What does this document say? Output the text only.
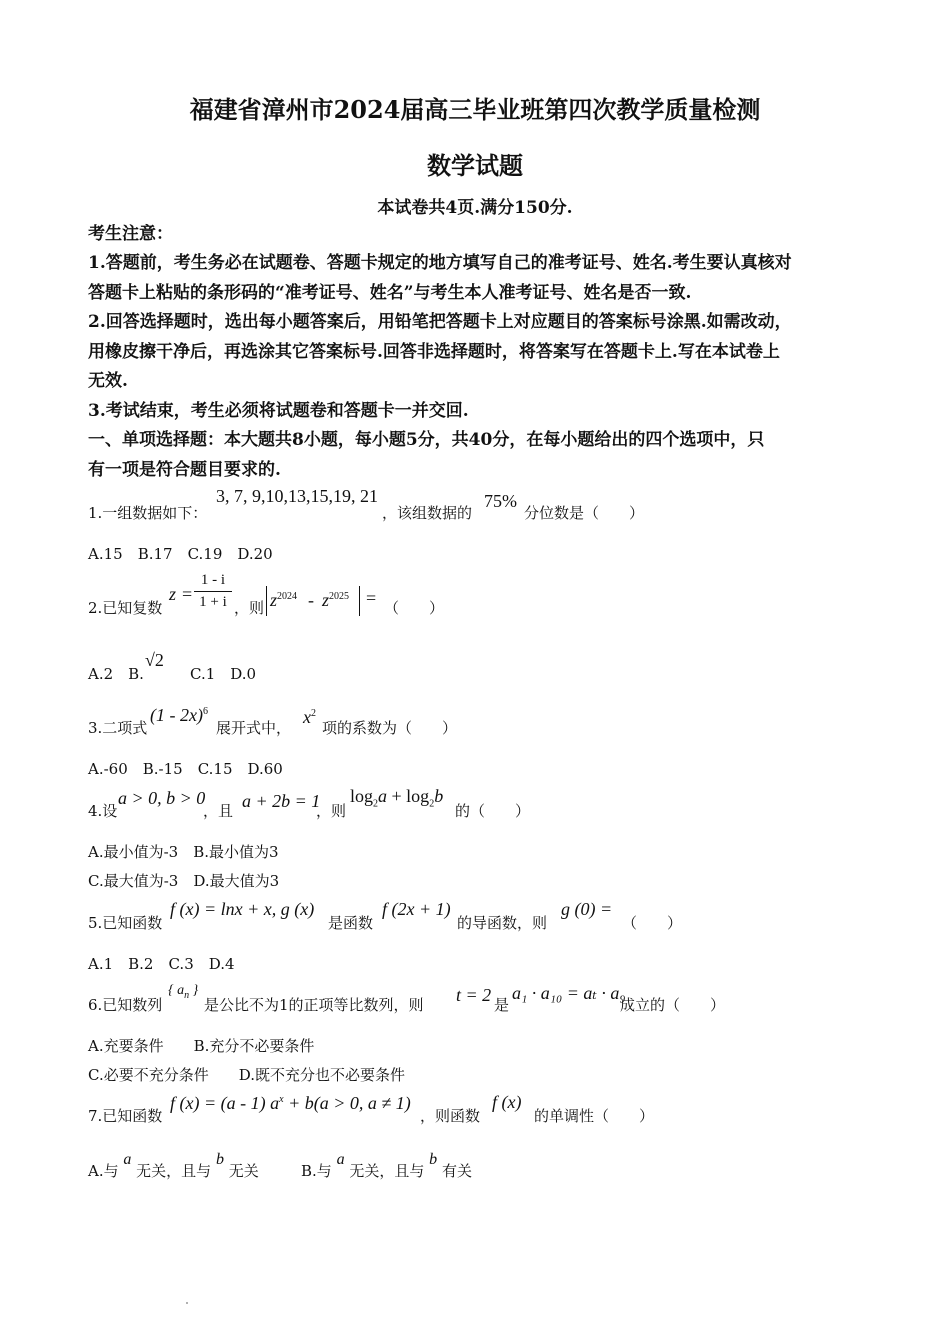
福建省漳州市2024届高三毕业班第四次教学质量检测
数学试题
本试卷共4页.满分150分.
考生注意：
1.答题前，考生务必在试题卷、答题卡规定的地方填写自己的准考证号、姓名.考生要认真核对
答题卡上粘贴的条形码的“准考证号、姓名”与考生本人准考证号、姓名是否一致.
2.回答选择题时，选出每小题答案后，用铅笔把答题卡上对应题目的答案标号涂黑.如需改动，
用橡皮擦干净后，再选涂其它答案标号.回答非选择题时，将答案写在答题卡上.写在本试卷上
无效.
3.考试结束，考生必须将试题卷和答题卡一并交回.
一、单项选择题：本大题共8小题，每小题5分，共40分，在每小题给出的四个选项中，只
有一项是符合题目要求的.
1.一组数据如下：
3, 7, 9,10,13,15,19, 21
，该组数据的
75%
分位数是（　　）
A.15　B.17　C.19　D.20
2.已知复数
z =
1 - i
1 + i ，则 $z^{2024} - z^{2025}$ = （　　）
A.2　B.
√2
C.1　D.0
3.二项式
(1 - 2x)$^6$
展开式中，
$x^2$
项的系数为（　　）
A.-60　B.-15　C.15　D.60
4.设
a > 0, b > 0
，且 a + 2b = 1
，则
$\log_2a + \log_2b$
的（　　）
A.最小值为-3　B.最小值为3
C.最大值为-3　D.最大值为3
5.已知函数
f (x) = lnx + x, g (x)
是函数
f (2x + 1)
的导函数，则
g (0) =
（　　）
A.1　B.2　C.3　D.4
6.已知数列
{ $a_n$ }
是公比不为1的正项等比数列，则 t = 2 是
a₁ · a₁₀ = aₜ · a₉
成立的（　　）
A.充要条件　　B.充分不必要条件
C.必要不充分条件　　D.既不充分也不必要条件
7.已知函数
f (x) = (a - 1) $a^x + b(a > 0$, a ≠ 1)
，则函数
f (x)
的单调性（　　）
A.与 a 无关，且与 b 无关	B.与 a 无关，且与 b 有关
